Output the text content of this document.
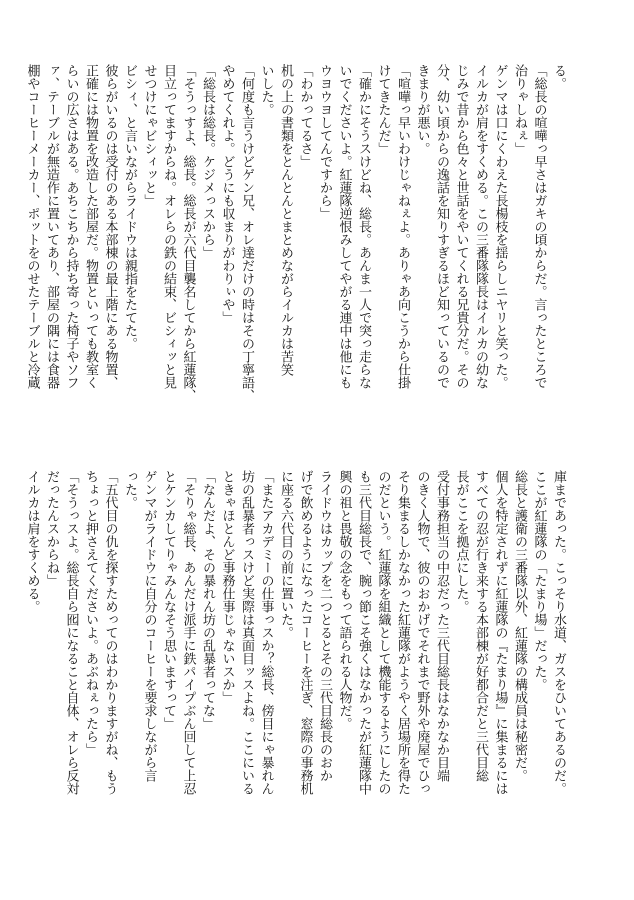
る。
「総長の喧嘩っ早さはガキの頃からだ。言ったところで
治りゃしねぇ」
ゲンマは口にくわえた長楊枝を揺らしニヤリと笑った。
イルカが肩をすくめる。この三番隊隊長はイルカの幼な
じみで昔から色々と世話をやいてくれる兄貴分だ。その
分、幼い頃からの逸話を知りすぎるほど知っているので
きまりが悪い。
「喧嘩っ早いわけじゃねぇよ。ありゃあ向こうから仕掛
けてきたんだ」
「確かにそうスけどね、総長。あんま一人で突っ走らな
いでくださいよ。紅蓮隊逆恨みしてやがる連中は他にも
ウヨウヨしてんですから」
「わかってるさ」
机の上の書類をとんとんとまとめながらイルカは苦笑
いした。
「何度も言うけどゲン兄、オレ達だけの時はその丁寧語、
やめてくれよ。どうにも収まりがわりぃや」
「総長は総長。ケジメっスから」
「そうっすよ、総長。総長が六代目襲名してから紅蓮隊、
目立ってますからね。オレらの鉄の結束、ビシィッと見
せつけにゃビシィッと」
ビシィ、と言いながらライドウは親指をたてた。
彼らがいるのは受付のある本部棟の最上階にある物置、
正確には物置を改造した部屋だ。物置といっても教室く
らいの広さはある。あちこちから持ち寄った椅子やソフ
ァ、テーブルが無造作に置いてあり、部屋の隅には食器
棚やコーヒーメーカー、ポットをのせたテーブルと冷蔵
庫まであった。こっそり水道、ガスをひいてあるのだ。
ここが紅蓮隊の「たまり場」だった。
総長と護衛の三番隊以外、紅蓮隊の構成員は秘密だ。
個人を特定されずに紅蓮隊の『たまり場』に集まるには
すべての忍が行き来する本部棟が好都合だと三代目総
長がここを拠点にした。
受付事務担当の中忍だった三代目総長はなかなか目端
のきく人物で、彼のおかげでそれまで野外や廃屋でひっ
そり集まるしかなかった紅蓮隊がようやく居場所を得た
のだという。紅蓮隊を組織として機能するようにしたの
も三代目総長で、腕っ節こそ強くはなかったが紅蓮隊中
興の祖と畏敬の念をもって語られる人物だ。
ライドウはカップを二つとるとその三代目総長のおか
げで飲めるようになったコーヒーを注ぎ、窓際の事務机
に座る六代目の前に置いた。
「またアカデミーの仕事っスか？総長、傍目にゃ暴れん
坊の乱暴者っスけど実際は真面目ッスよね。ここにいる
ときゃほとんど事務仕事じゃないスか」
「なんだよ、その暴れん坊の乱暴者ってな」
「そりゃ総長、あんだけ派手に鉄パイプぶん回して上忍
とケンカしてりゃみんなそう思いますって」
ゲンマがライドウに自分のコーヒーを要求しながら言
った。
「五代目の仇を探すためってのはわかりますがね、もう
ちょっと押さえてくださいよ。あぶねぇったら」
「そうっスよ。総長自ら囮になること自体、オレら反対
だったんスからね」
イルカは肩をすくめる。
